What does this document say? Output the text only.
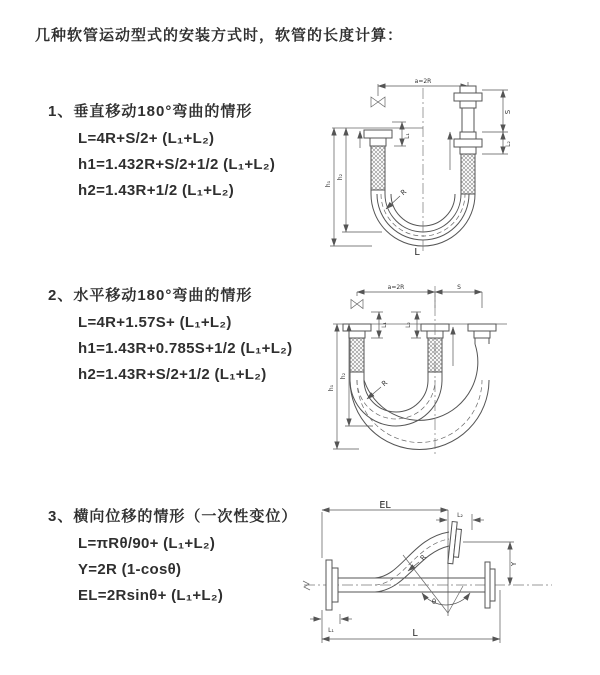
几种软管运动型式的安装方式时，软管的长度计算：
1、垂直移动180°弯曲的情形
L=4R+S/2+ (L₁+L₂)
h1=1.432R+S/2+1/2 (L₁+L₂)
h2=1.43R+1/2 (L₁+L₂)
a=2R
L₁
S
L₂
h₁
h₂
R
L
2、水平移动180°弯曲的情形
L=4R+1.57S+ (L₁+L₂)
h1=1.43R+0.785S+1/2 (L₁+L₂)
h2=1.43R+S/2+1/2 (L₁+L₂)
a=2R	S
h₁
h₂
L₁	L₂
R
3、横向位移的情形（一次性变位）
L=πRθ/90+ (L₁+L₂)
Y=2R (1-cosθ)
EL=2Rsinθ+ (L₁+L₂)
EL
L₂
Y
θ
R
L₁	L
